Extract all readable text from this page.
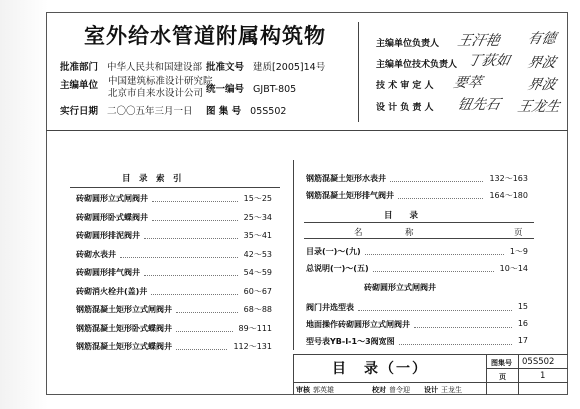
室外给水管道附属构筑物
批准部门 中华人民共和国建设部
主编单位 中国建筑标准设计研究院
北京市自来水设计公司
实行日期 二〇〇五年三月一日
批准文号 建质[2005]14号
统一编号 GJBT-805
图 集 号 05S502
主编单位负责人 王汗艳 有德
主编单位技术负责人 丁荻如 界波
技 术 审 定 人 要萃	界波
设 计 负 责 人 钮先石 王龙生
目　录　索　引
砖砌圆形立式闸阀井	15～25
砖砌圆形卧式蝶阀井	25～34
砖砌圆形排泥阀井	35～41
砖砌水表井	42～53
砖砌圆形排气阀井	54～59
砖砌消火栓井(盖)井	60～67
钢筋混凝土矩形立式闸阀井	68～88
钢筋混凝土矩形卧式蝶阀井	89～111
钢筋混凝土矩形立式蝶阀井	112～131
钢筋混凝土矩形水表井	132～163
钢筋混凝土矩形排气阀井	164～180
目　　录
名　　　　　称	页
目录(一)～(九)	1～9
总说明(一)～(五)	10～14
砖砌圆形立式闸阀井
阀门井选型表	15
地面操作砖砌圆形立式闸阀井	16
型号表YB-Ⅰ-1～3阀宽图	17
目　录（一）	图集号 05S502
页	1
审核 郭英雄	校对 曾令迎 设计 王龙生
